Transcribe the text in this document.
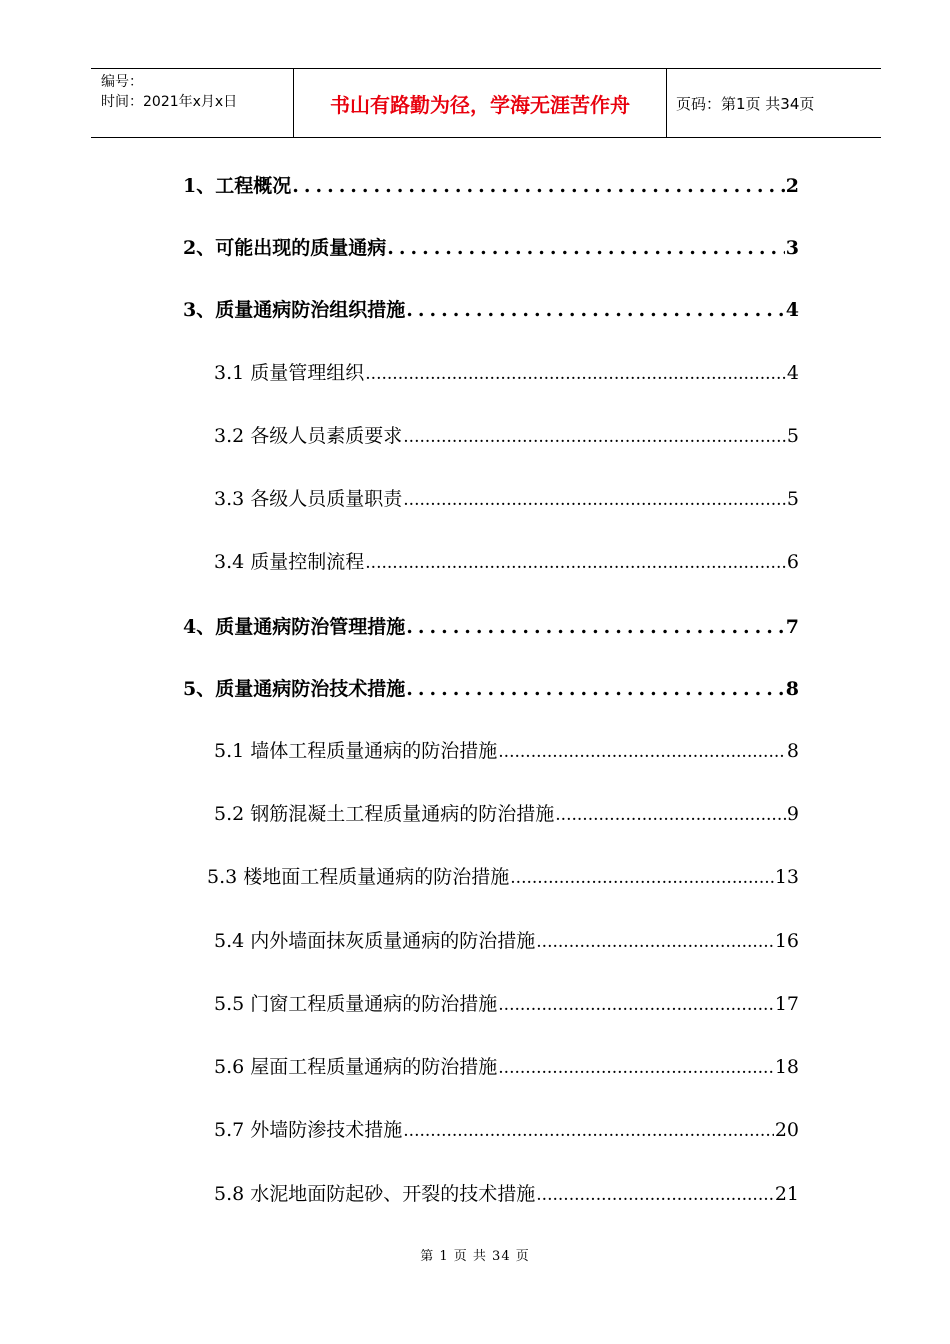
编号：
时间：2021年x月x日	书山有路勤为径，学海无涯苦作舟	页码：第1页 共34页
1、工程概况 .....	2
2、可能出现的质量通病 .....	3
3、质量通病防治组织措施 .....	4
3.1 质量管理组织 .....	4
3.2 各级人员素质要求 .....	5
3.3 各级人员质量职责 .....	5
3.4 质量控制流程 .....	6
4、质量通病防治管理措施 .....	7
5、质量通病防治技术措施 .....	8
5.1 墙体工程质量通病的防治措施 .....	8
5.2 钢筋混凝土工程质量通病的防治措施 .....	9
5.3 楼地面工程质量通病的防治措施 .....	13
5.4 内外墙面抹灰质量通病的防治措施 .....	16
5.5 门窗工程质量通病的防治措施 .....	17
5.6 屋面工程质量通病的防治措施 .....	18
5.7 外墙防渗技术措施 .....	20
5.8 水泥地面防起砂、开裂的技术措施 .....	21
第 1 页 共 34 页
